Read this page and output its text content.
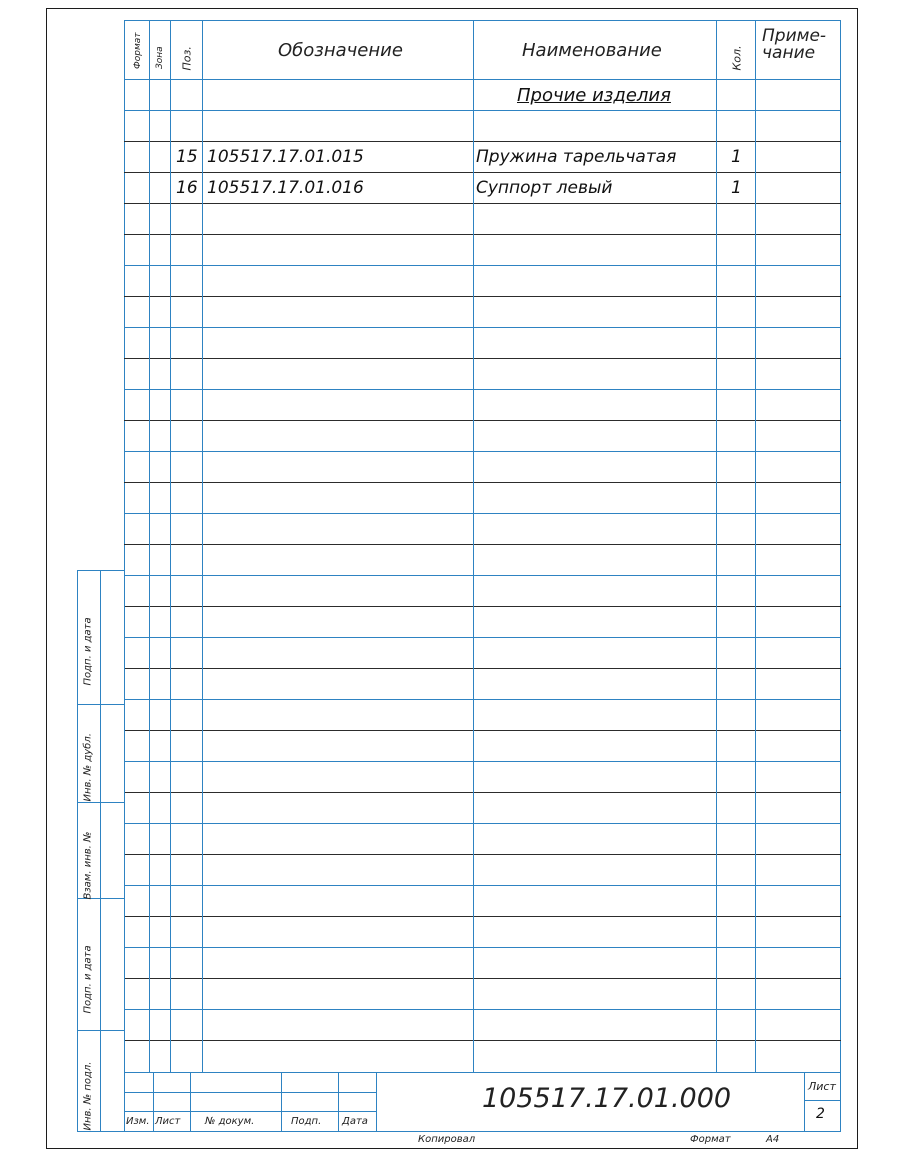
Формат Зона Поз.	Обозначение	Наименование	Кол.
Приме-
чание
Прочие изделия
15 105517.17.01.015	Пружина тарельчатая	1
16 105517.17.01.016	Суппорт левый	1
Подп. и дата
Инв. № дубл.
Взам. инв. №
Подп. и дата
Инв. № подл.	Изм. Лист № докум.	Подп. Дата
105517.17.01.000	Лист
2
Копировал	Формат	А4
